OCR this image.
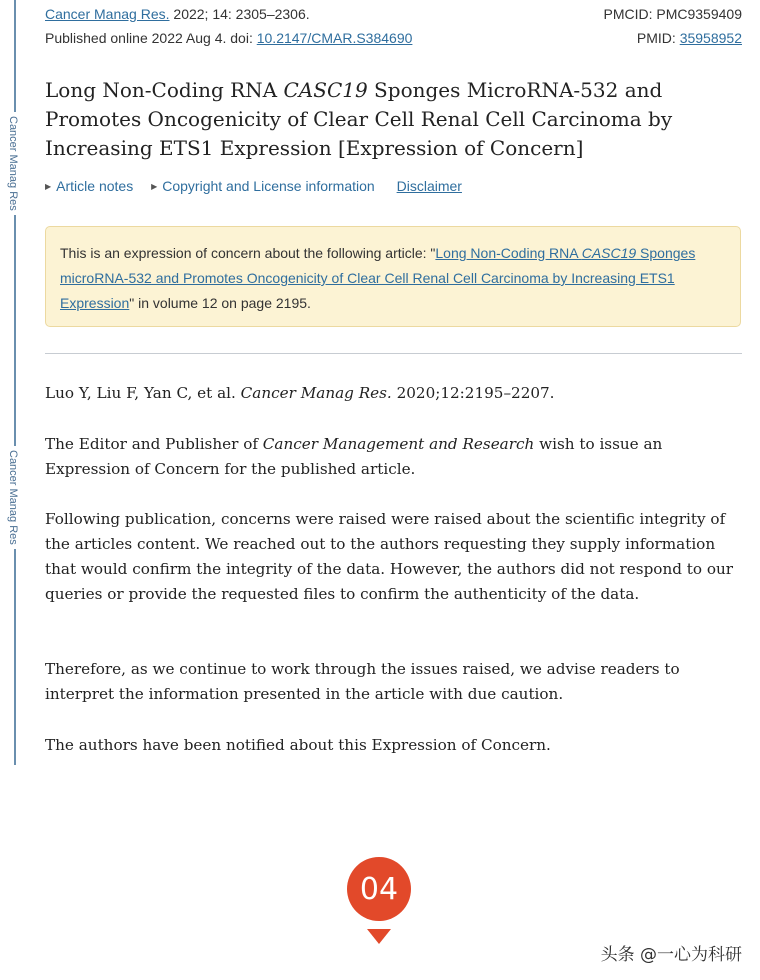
Cancer Manag Res
Cancer Manag Res
Cancer Manag Res. 2022; 14: 2305–2306.	PMCID: PMC9359409
Published online 2022 Aug 4. doi: 10.2147/CMAR.S384690	PMID: 35958952
Long Non-Coding RNA CASC19 Sponges MicroRNA-532 and Promotes Oncogenicity of Clear Cell Renal Cell Carcinoma by Increasing ETS1 Expression [Expression of Concern]
▶ Article notes ▶ Copyright and License information Disclaimer
This is an expression of concern about the following article: "Long Non-Coding RNA CASC19 Sponges microRNA-532 and Promotes Oncogenicity of Clear Cell Renal Cell Carcinoma by Increasing ETS1 Expression" in volume 12 on page 2195.

Luo Y, Liu F, Yan C, et al. Cancer Manag Res. 2020;12:2195–2207.

The Editor and Publisher of Cancer Management and Research wish to issue an Expression of Concern for the published article.

Following publication, concerns were raised were raised about the scientific integrity of the articles content. We reached out to the authors requesting they supply information that would confirm the integrity of the data. However, the authors did not respond to our queries or provide the requested files to confirm the authenticity of the data.

Therefore, as we continue to work through the issues raised, we advise readers to interpret the information presented in the article with due caution.

The authors have been notified about this Expression of Concern.

04
头条 @一心为科研
